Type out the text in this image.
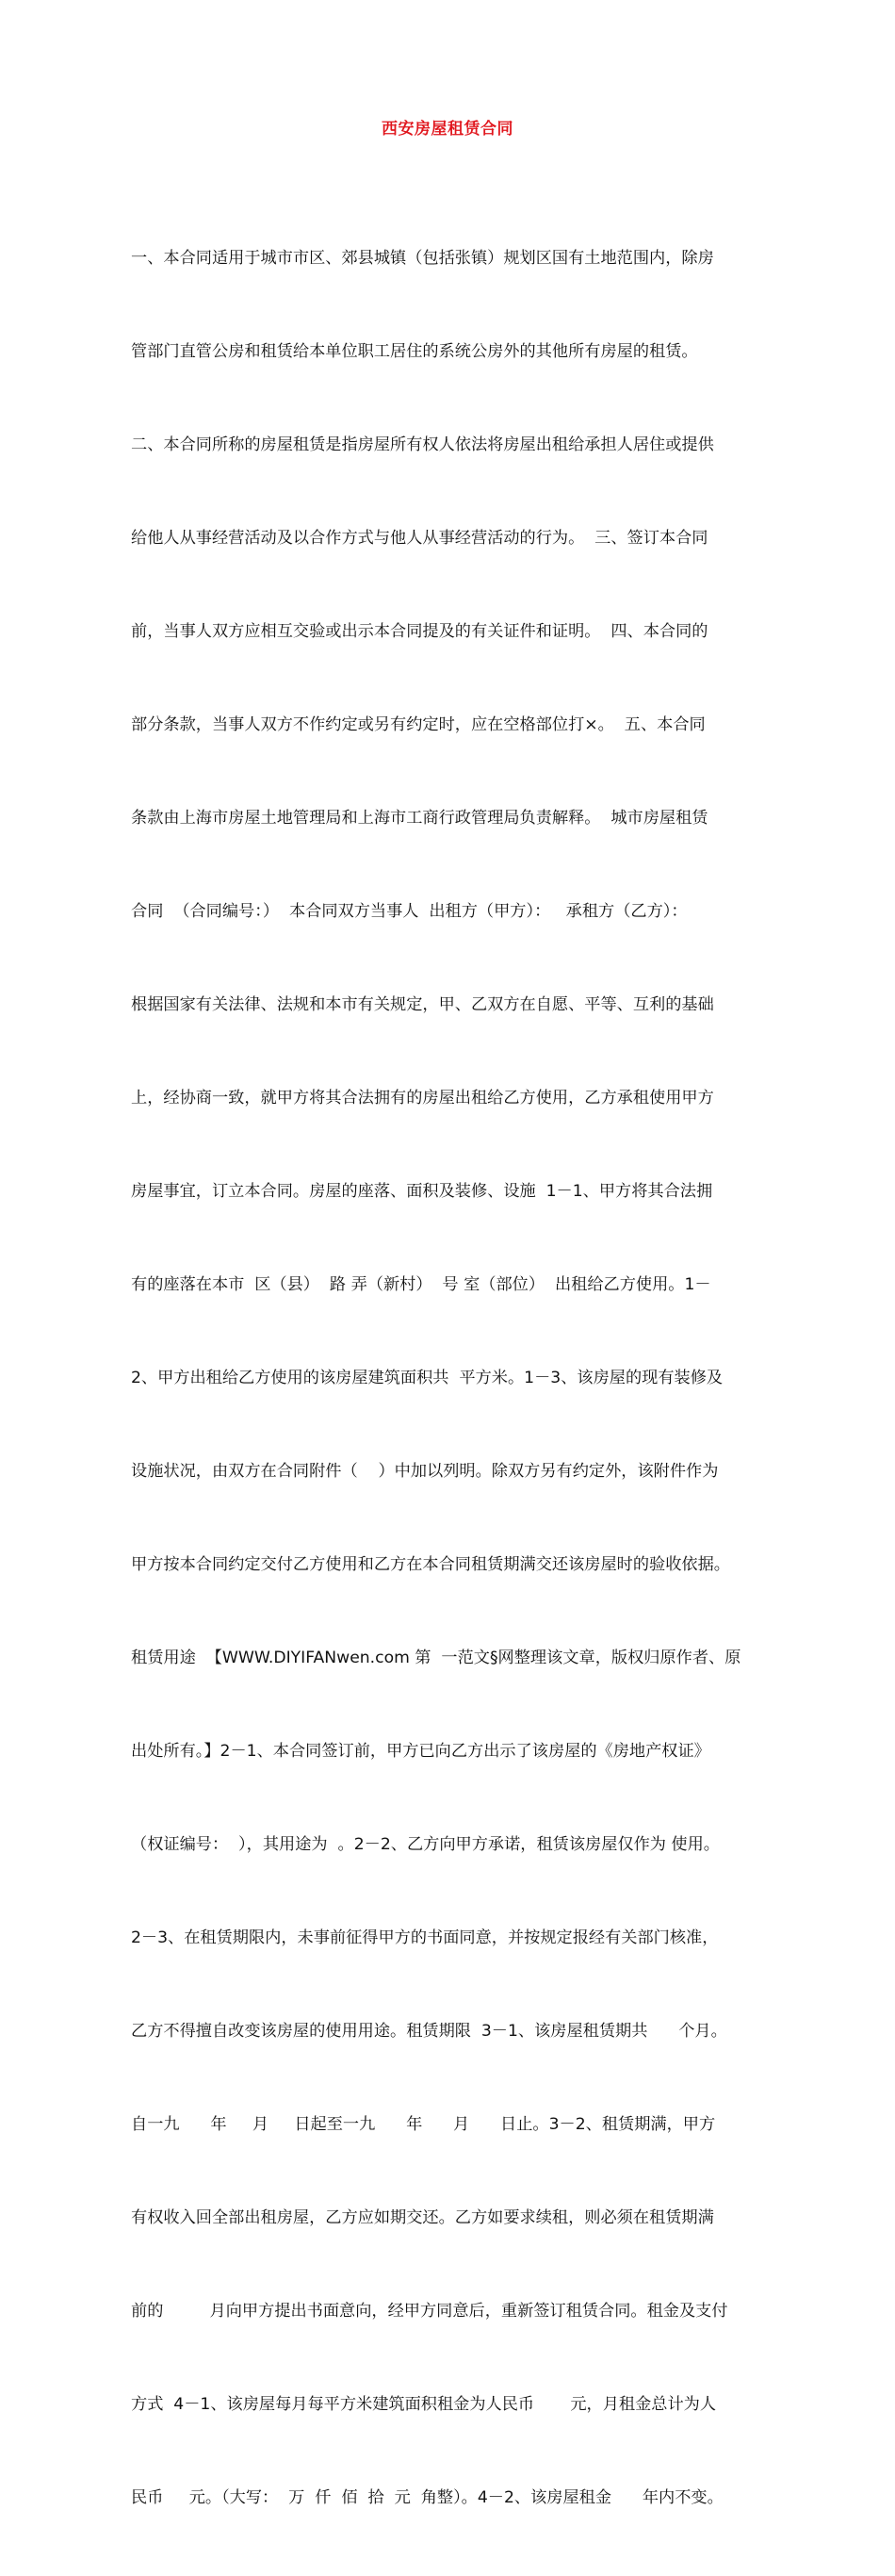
西安房屋租赁合同

一、本合同适用于城市市区、郊县城镇（包括张镇）规划区国有土地范围内，除房

管部门直管公房和租赁给本单位职工居住的系统公房外的其他所有房屋的租赁。

二、本合同所称的房屋租赁是指房屋所有权人依法将房屋出租给承担人居住或提供

给他人从事经营活动及以合作方式与他人从事经营活动的行为。  三、签订本合同

前，当事人双方应相互交验或出示本合同提及的有关证件和证明。  四、本合同的

部分条款，当事人双方不作约定或另有约定时，应在空格部位打×。  五、本合同

条款由上海市房屋土地管理局和上海市工商行政管理局负责解释。  城市房屋租赁

合同  （合同编号：）  本合同双方当事人  出租方（甲方）：   承租方（乙方）：

根据国家有关法律、法规和本市有关规定，甲、乙双方在自愿、平等、互利的基础

上，经协商一致，就甲方将其合法拥有的房屋出租给乙方使用，乙方承租使用甲方

房屋事宜，订立本合同。房屋的座落、面积及装修、设施  1－1、甲方将其合法拥

有的座落在本市  区（县）  路 弄（新村）  号 室（部位）  出租给乙方使用。1－

2、甲方出租给乙方使用的该房屋建筑面积共  平方米。1－3、该房屋的现有装修及

设施状况，由双方在合同附件（    ）中加以列明。除双方另有约定外，该附件作为

甲方按本合同约定交付乙方使用和乙方在本合同租赁期满交还该房屋时的验收依据。

租赁用途  【WWW.DIYIFANwen.com 第  一范文§网整理该文章，版权归原作者、原

出处所有。】2－1、本合同签订前，甲方已向乙方出示了该房屋的《房地产权证》

（权证编号：  ），其用途为  。2－2、乙方向甲方承诺，租赁该房屋仅作为 使用。

2－3、在租赁期限内，未事前征得甲方的书面同意，并按规定报经有关部门核准，

乙方不得擅自改变该房屋的使用用途。租赁期限  3－1、该房屋租赁期共      个月。

自一九      年     月     日起至一九      年      月      日止。3－2、租赁期满，甲方

有权收入回全部出租房屋，乙方应如期交还。乙方如要求续租，则必须在租赁期满

前的         月向甲方提出书面意向，经甲方同意后，重新签订租赁合同。租金及支付

方式  4－1、该房屋每月每平方米建筑面积租金为人民币       元，月租金总计为人

民币     元。（大写：  万  仟  佰  拾  元  角整）。4－2、该房屋租金      年内不变。
